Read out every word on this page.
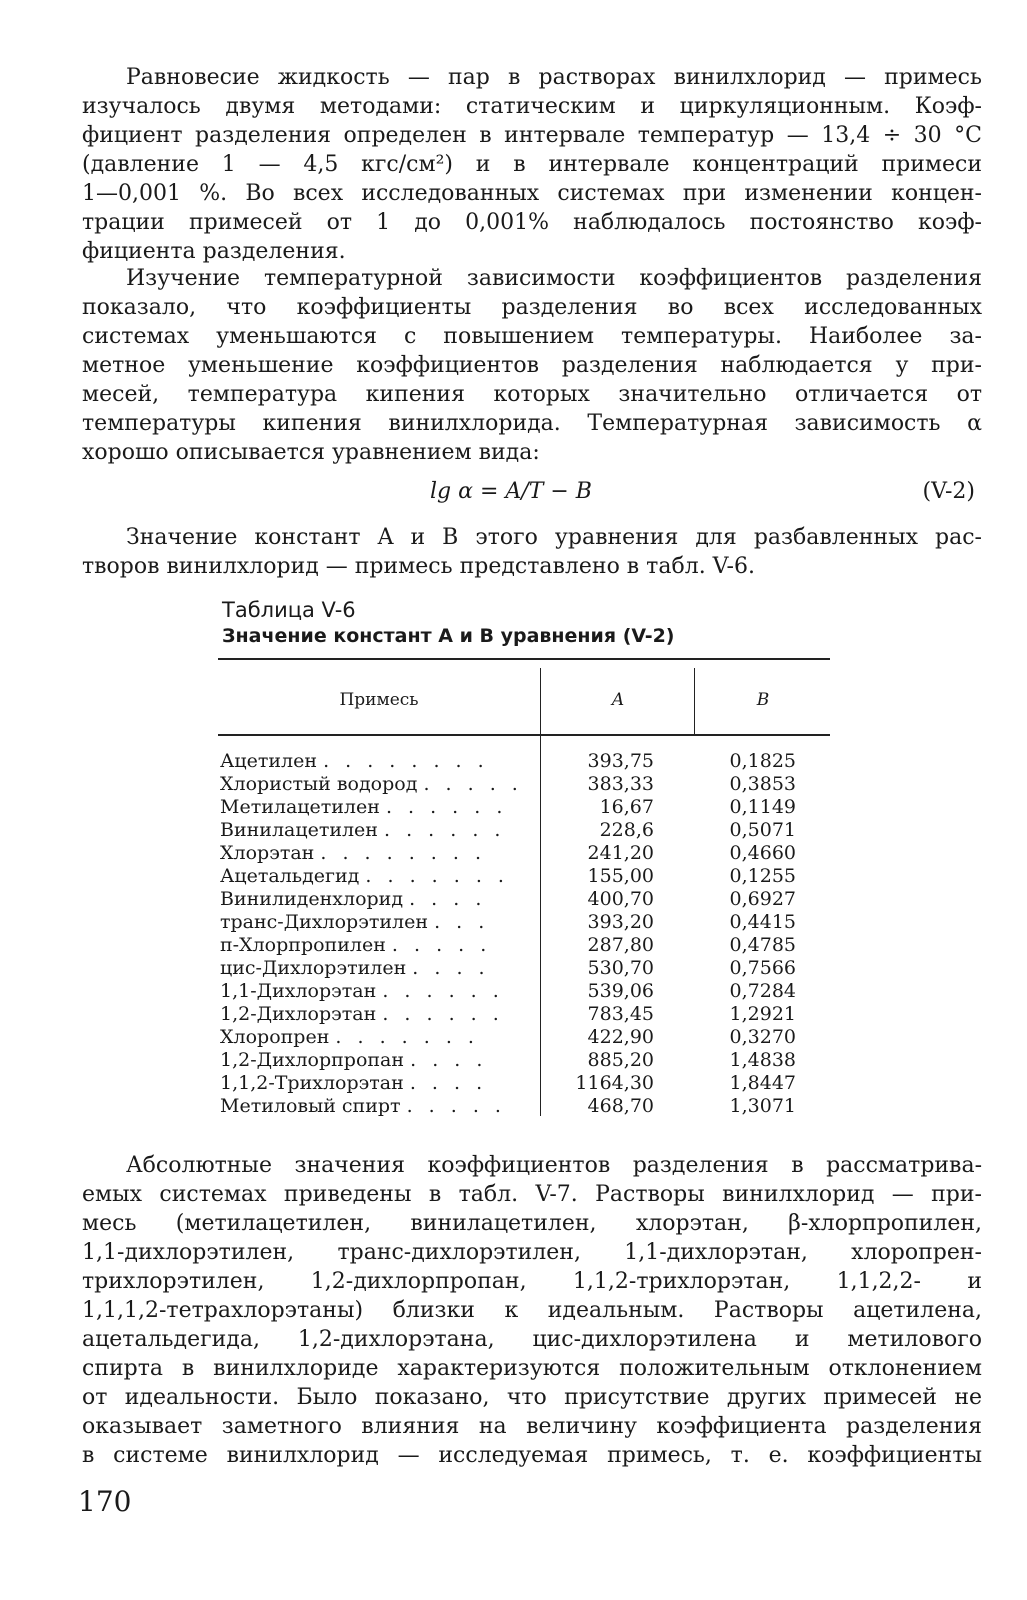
Равновесие жидкость — пар в растворах винилхлорид — примесь
изучалось двумя методами: статическим и циркуляционным. Коэф-
фициент разделения определен в интервале температур — 13,4 ÷ 30 °С
(давление 1 — 4,5 кгс/см²) и в интервале концентраций примеси
1—0,001 %. Во всех исследованных системах при изменении концен-
трации примесей от 1 до 0,001% наблюдалось постоянство коэф-
фициента разделения.
Изучение температурной зависимости коэффициентов разделения
показало, что коэффициенты разделения во всех исследованных
системах уменьшаются с повышением температуры. Наиболее за-
метное уменьшение коэффициентов разделения наблюдается у при-
месей, температура кипения которых значительно отличается от
температуры кипения винилхлорида. Температурная зависимость α
хорошо описывается уравнением вида:
lg α = A/T − B	(V-2)
Значение констант A и B этого уравнения для разбавленных рас-
творов винилхлорид — примесь представлено в табл. V-6.
Таблица V-6
Значение констант A и B уравнения (V-2)
Примесь	A	B
Ацетилен . . . . . . . .	393,75	0,1825
Хлористый водород . . . . .	383,33	0,3853
Метилацетилен . . . . . .	16,67	0,1149
Винилацетилен . . . . . .	228,6	0,5071
Хлорэтан . . . . . . . .	241,20	0,4660
Ацетальдегид . . . . . . .	155,00	0,1255
Винилиденхлорид . . . .	400,70	0,6927
транс-Дихлорэтилен . . .	393,20	0,4415
п-Хлорпропилен . . . . .	287,80	0,4785
цис-Дихлорэтилен . . . .	530,70	0,7566
1,1-Дихлорэтан . . . . . .	539,06	0,7284
1,2-Дихлорэтан . . . . . .	783,45	1,2921
Хлоропрен . . . . . . .	422,90	0,3270
1,2-Дихлорпропан . . . .	885,20	1,4838
1,1,2-Трихлорэтан . . . .	1164,30	1,8447
Метиловый спирт . . . . .	468,70	1,3071
Абсолютные значения коэффициентов разделения в рассматрива-
емых системах приведены в табл. V-7. Растворы винилхлорид — при-
месь (метилацетилен, винилацетилен, хлорэтан, β-хлорпропилен,
1,1-дихлорэтилен, транс-дихлорэтилен, 1,1-дихлорэтан, хлоропрен-
трихлорэтилен, 1,2-дихлорпропан, 1,1,2-трихлорэтан, 1,1,2,2- и
1,1,1,2-тетрахлорэтаны) близки к идеальным. Растворы ацетилена,
ацетальдегида, 1,2-дихлорэтана, цис-дихлорэтилена и метилового
спирта в винилхлориде характеризуются положительным отклонением
от идеальности. Было показано, что присутствие других примесей не
оказывает заметного влияния на величину коэффициента разделения
в системе винилхлорид — исследуемая примесь, т. е. коэффициенты
170
